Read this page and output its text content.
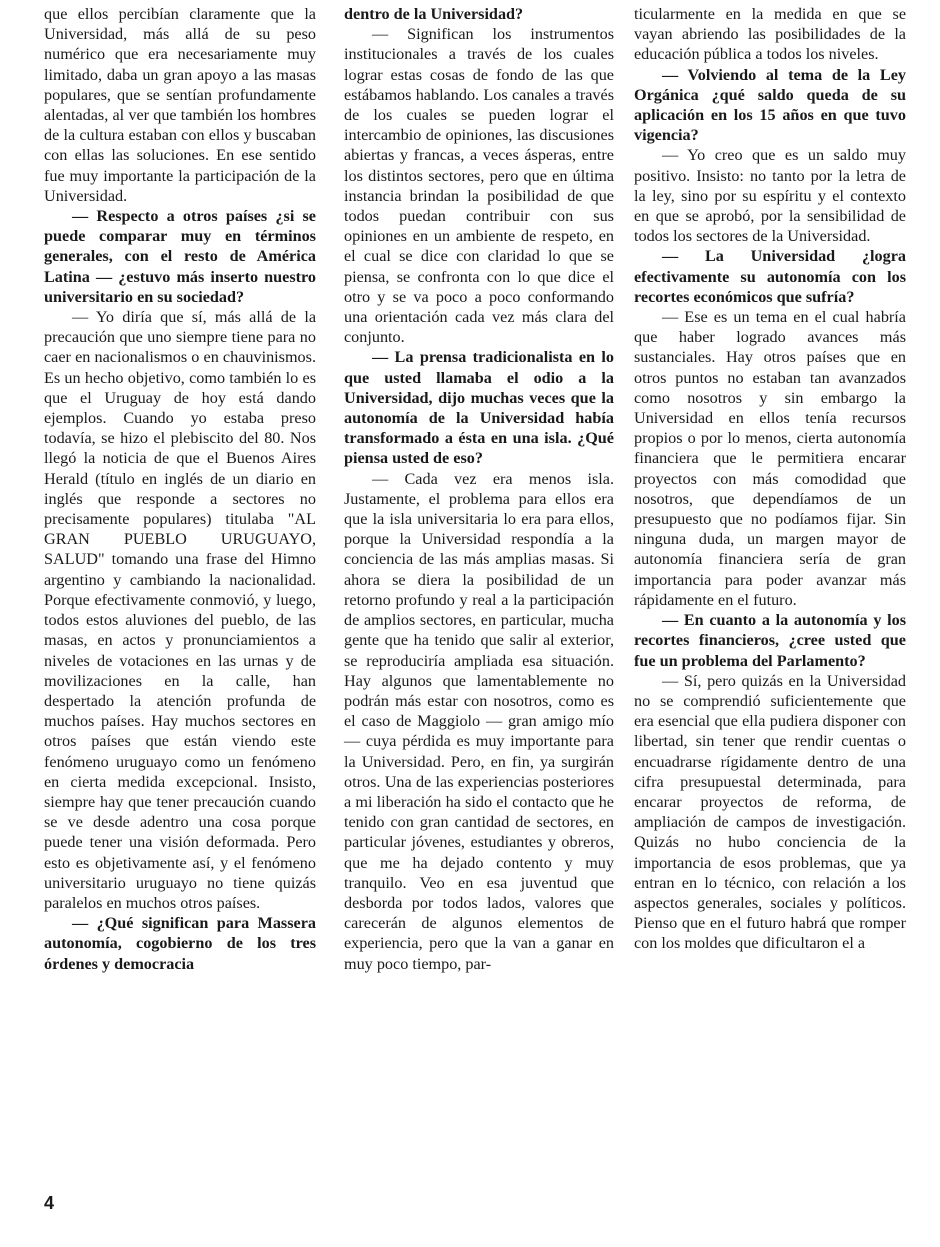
que ellos percibían claramente que la Universidad, más allá de su peso numérico que era necesariamente muy limitado, daba un gran apoyo a las masas populares, que se sentían profundamente alentadas, al ver que también los hombres de la cultura estaban con ellos y buscaban con ellas las soluciones. En ese sentido fue muy importante la participación de la Universidad.

— Respecto a otros países ¿si se puede comparar muy en términos generales, con el resto de América Latina — ¿estuvo más inserto nuestro universitario en su sociedad?

— Yo diría que sí, más allá de la precaución que uno siempre tiene para no caer en nacionalismos o en chauvinismos. Es un hecho objetivo, como también lo es que el Uruguay de hoy está dando ejemplos. Cuando yo estaba preso todavía, se hizo el plebiscito del 80. Nos llegó la noticia de que el Buenos Aires Herald (título en inglés de un diario en inglés que responde a sectores no precisamente populares) titulaba "AL GRAN PUEBLO URUGUAYO, SALUD" tomando una frase del Himno argentino y cambiando la nacionalidad. Porque efectivamente conmovió, y luego, todos estos aluviones del pueblo, de las masas, en actos y pronunciamientos a niveles de votaciones en las urnas y de movilizaciones en la calle, han despertado la atención profunda de muchos países. Hay muchos sectores en otros países que están viendo este fenómeno uruguayo como un fenómeno en cierta medida excepcional. Insisto, siempre hay que tener precaución cuando se ve desde adentro una cosa porque puede tener una visión deformada. Pero esto es objetivamente así, y el fenómeno universitario uruguayo no tiene quizás paralelos en muchos otros países.

— ¿Qué significan para Massera autonomía, cogobierno de los tres órdenes y democracia

dentro de la Universidad?

— Significan los instrumentos institucionales a través de los cuales lograr estas cosas de fondo de las que estábamos hablando. Los canales a través de los cuales se pueden lograr el intercambio de opiniones, las discusiones abiertas y francas, a veces ásperas, entre los distintos sectores, pero que en última instancia brindan la posibilidad de que todos puedan contribuir con sus opiniones en un ambiente de respeto, en el cual se dice con claridad lo que se piensa, se confronta con lo que dice el otro y se va poco a poco conformando una orientación cada vez más clara del conjunto.

— La prensa tradicionalista en lo que usted llamaba el odio a la Universidad, dijo muchas veces que la autonomía de la Universidad había transformado a ésta en una isla. ¿Qué piensa usted de eso?

— Cada vez era menos isla. Justamente, el problema para ellos era que la isla universitaria lo era para ellos, porque la Universidad respondía a la conciencia de las más amplias masas. Si ahora se diera la posibilidad de un retorno profundo y real a la participación de amplios sectores, en particular, mucha gente que ha tenido que salir al exterior, se reproduciría ampliada esa situación. Hay algunos que lamentablemente no podrán más estar con nosotros, como es el caso de Maggiolo — gran amigo mío — cuya pérdida es muy importante para la Universidad. Pero, en fin, ya surgirán otros. Una de las experiencias posteriores a mi liberación ha sido el contacto que he tenido con gran cantidad de sectores, en particular jóvenes, estudiantes y obreros, que me ha dejado contento y muy tranquilo. Veo en esa juventud que desborda por todos lados, valores que carecerán de algunos elementos de experiencia, pero que la van a ganar en muy poco tiempo, par-

ticularmente en la medida en que se vayan abriendo las posibilidades de la educación pública a todos los niveles.

— Volviendo al tema de la Ley Orgánica ¿qué saldo queda de su aplicación en los 15 años en que tuvo vigencia?

— Yo creo que es un saldo muy positivo. Insisto: no tanto por la letra de la ley, sino por su espíritu y el contexto en que se aprobó, por la sensibilidad de todos los sectores de la Universidad.

— La Universidad ¿logra efectivamente su autonomía con los recortes económicos que sufría?

— Ese es un tema en el cual habría que haber logrado avances más sustanciales. Hay otros países que en otros puntos no estaban tan avanzados como nosotros y sin embargo la Universidad en ellos tenía recursos propios o por lo menos, cierta autonomía financiera que le permitiera encarar proyectos con más comodidad que nosotros, que dependíamos de un presupuesto que no podíamos fijar. Sin ninguna duda, un margen mayor de autonomía financiera sería de gran importancia para poder avanzar más rápidamente en el futuro.

— En cuanto a la autonomía y los recortes financieros, ¿cree usted que fue un problema del Parlamento?

— Sí, pero quizás en la Universidad no se comprendió suficientemente que era esencial que ella pudiera disponer con libertad, sin tener que rendir cuentas o encuadrarse rígidamente dentro de una cifra presupuestal determinada, para encarar proyectos de reforma, de ampliación de campos de investigación. Quizás no hubo conciencia de la importancia de esos problemas, que ya entran en lo técnico, con relación a los aspectos generales, sociales y políticos. Pienso que en el futuro habrá que romper con los moldes que dificultaron el a

4
